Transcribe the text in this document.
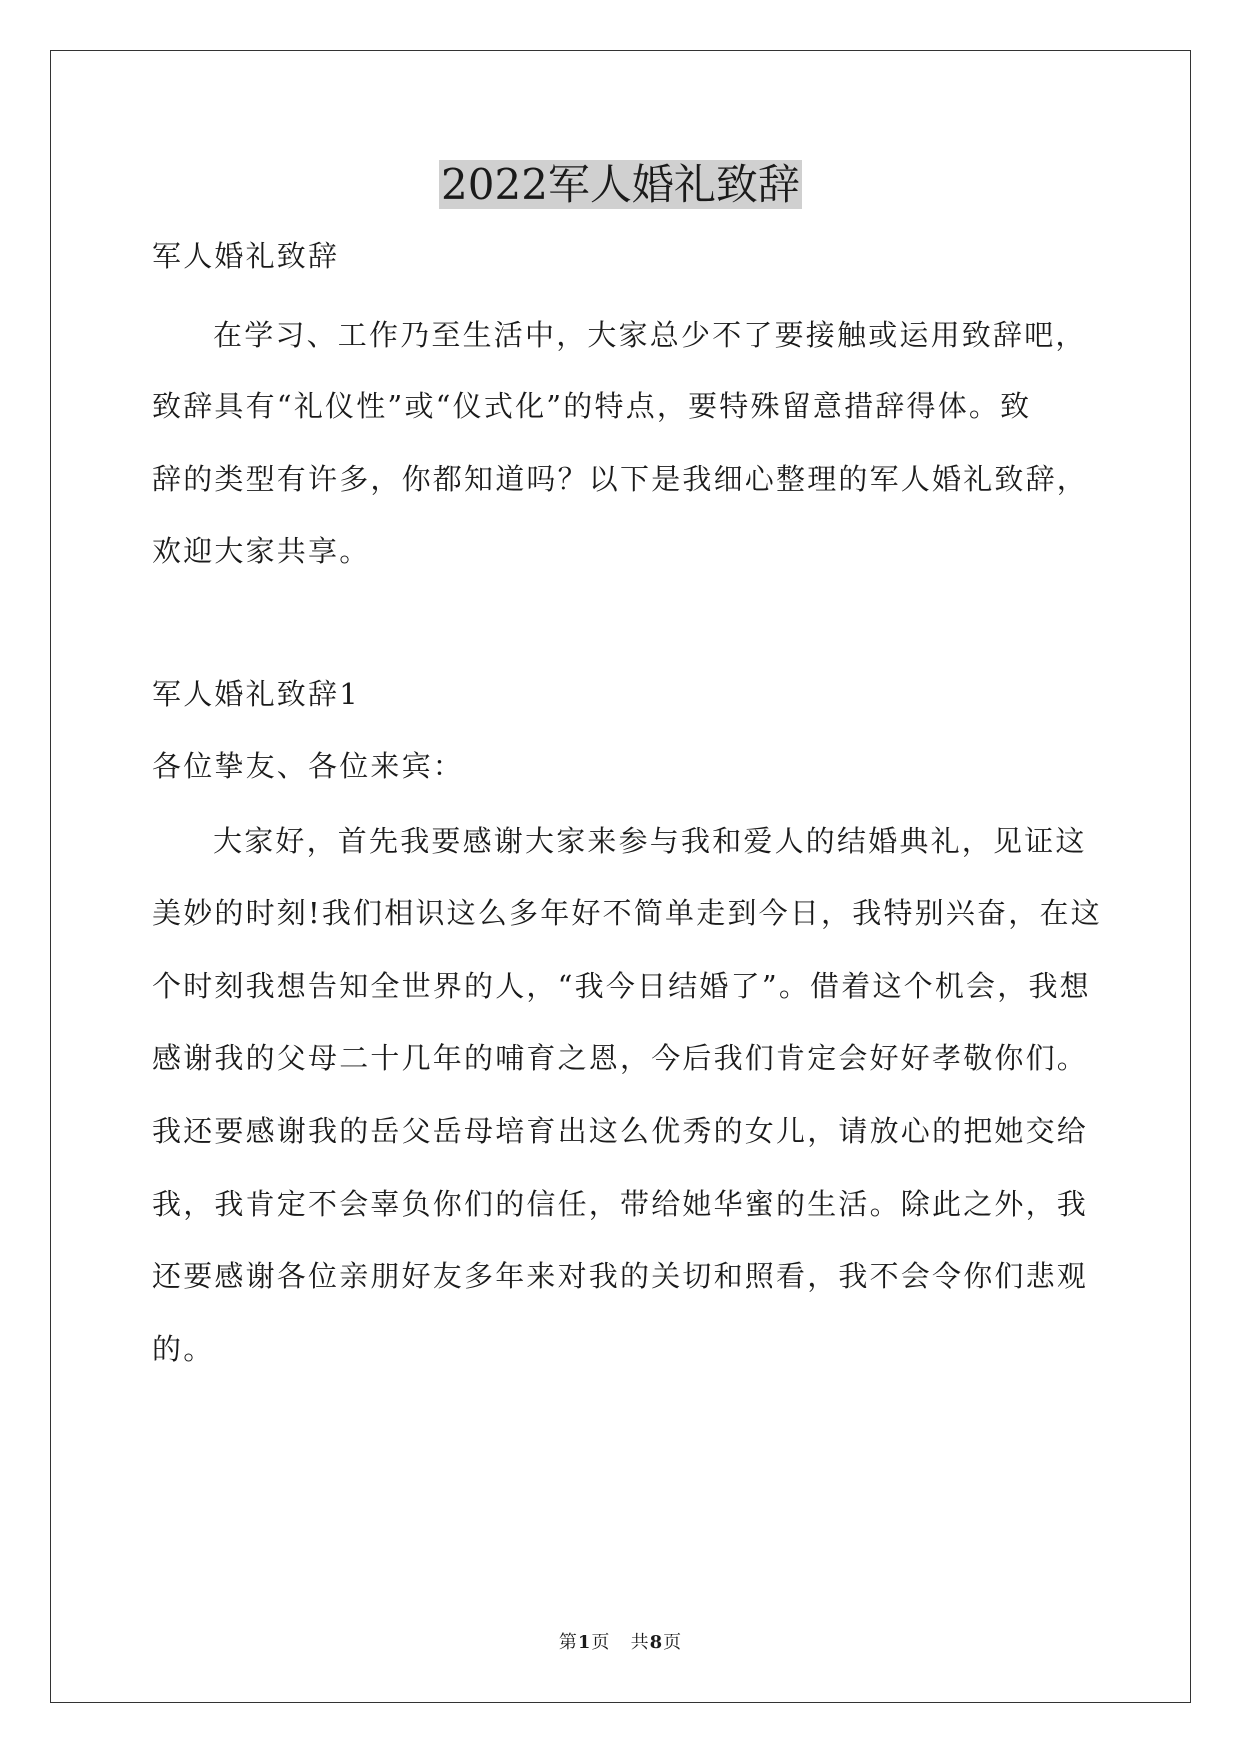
2022军人婚礼致辞

军人婚礼致辞

在学习、工作乃至生活中，大家总少不了要接触或运用致辞吧，

致辞具有“礼仪性”或“仪式化”的特点，要特殊留意措辞得体。致

辞的类型有许多，你都知道吗？以下是我细心整理的军人婚礼致辞，

欢迎大家共享。

军人婚礼致辞1

各位挚友、各位来宾：

大家好，首先我要感谢大家来参与我和爱人的结婚典礼，见证这

美妙的时刻!我们相识这么多年好不简单走到今日，我特别兴奋，在这

个时刻我想告知全世界的人，“我今日结婚了”。借着这个机会，我想

感谢我的父母二十几年的哺育之恩，今后我们肯定会好好孝敬你们。

我还要感谢我的岳父岳母培育出这么优秀的女儿，请放心的把她交给

我，我肯定不会辜负你们的信任，带给她华蜜的生活。除此之外，我

还要感谢各位亲朋好友多年来对我的关切和照看，我不会令你们悲观

的。

第1页 共8页
